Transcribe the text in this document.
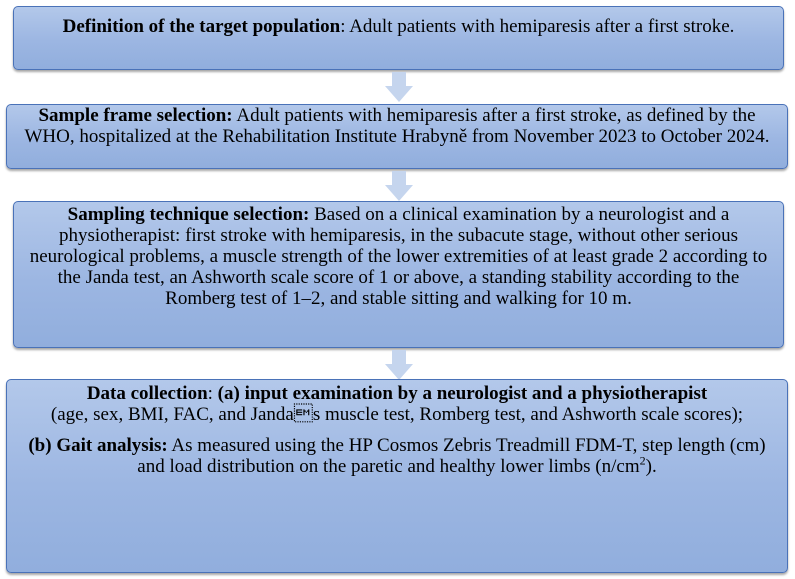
Definition of the target population: Adult patients with hemiparesis after a first stroke.

Sample frame selection: Adult patients with hemiparesis after a first stroke, as defined by the WHO, hospitalized at the Rehabilitation Institute Hrabyně from November 2023 to October 2024.

Sampling technique selection: Based on a clinical examination by a neurologist and a physiotherapist: first stroke with hemiparesis, in the subacute stage, without other serious neurological problems, a muscle strength of the lower extremities of at least grade 2 according to the Janda test, an Ashworth scale score of 1 or above, a standing stability according to the Romberg test of 1–2, and stable sitting and walking for 10 m.

Data collection: (a) input examination by a neurologist and a physiotherapist
(age, sex, BMI, FAC, and Jandas muscle test, Romberg test, and Ashworth scale scores);

(b) Gait analysis: As measured using the HP Cosmos Zebris Treadmill FDM-T, step length (cm) and load distribution on the paretic and healthy lower limbs $(n/cm^2)$.
